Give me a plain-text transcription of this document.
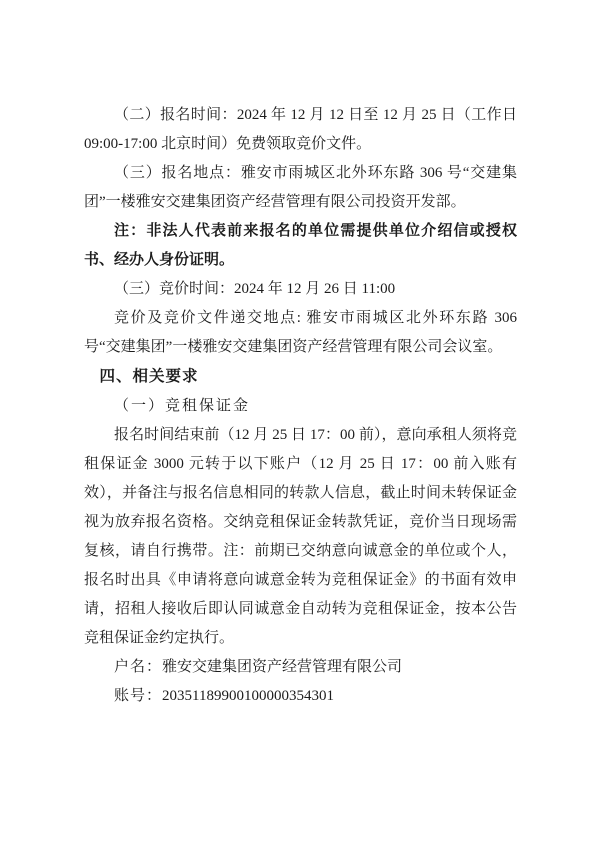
（二）报名时间：2024 年 12 月 12 日至 12 月 25 日（工作日 09:00-17:00 北京时间）免费领取竞价文件。

（三）报名地点：雅安市雨城区北外环东路 306 号“交建集团”一楼雅安交建集团资产经营管理有限公司投资开发部。

注：非法人代表前来报名的单位需提供单位介绍信或授权书、经办人身份证明。

（三）竞价时间：2024 年 12 月 26 日 11:00

竞价及竞价文件递交地点: 雅安市雨城区北外环东路 306 号“交建集团”一楼雅安交建集团资产经营管理有限公司会议室。

四、相关要求

（一）竞租保证金

报名时间结束前（12 月 25 日 17：00 前），意向承租人须将竞租保证金 3000 元转于以下账户（12 月 25 日 17：00 前入账有效），并备注与报名信息相同的转款人信息，截止时间未转保证金视为放弃报名资格。交纳竞租保证金转款凭证，竞价当日现场需复核，请自行携带。注：前期已交纳意向诚意金的单位或个人，报名时出具《申请将意向诚意金转为竞租保证金》的书面有效申请，招租人接收后即认同诚意金自动转为竞租保证金，按本公告竞租保证金约定执行。

户名：雅安交建集团资产经营管理有限公司

账号：20351189900100000354301
